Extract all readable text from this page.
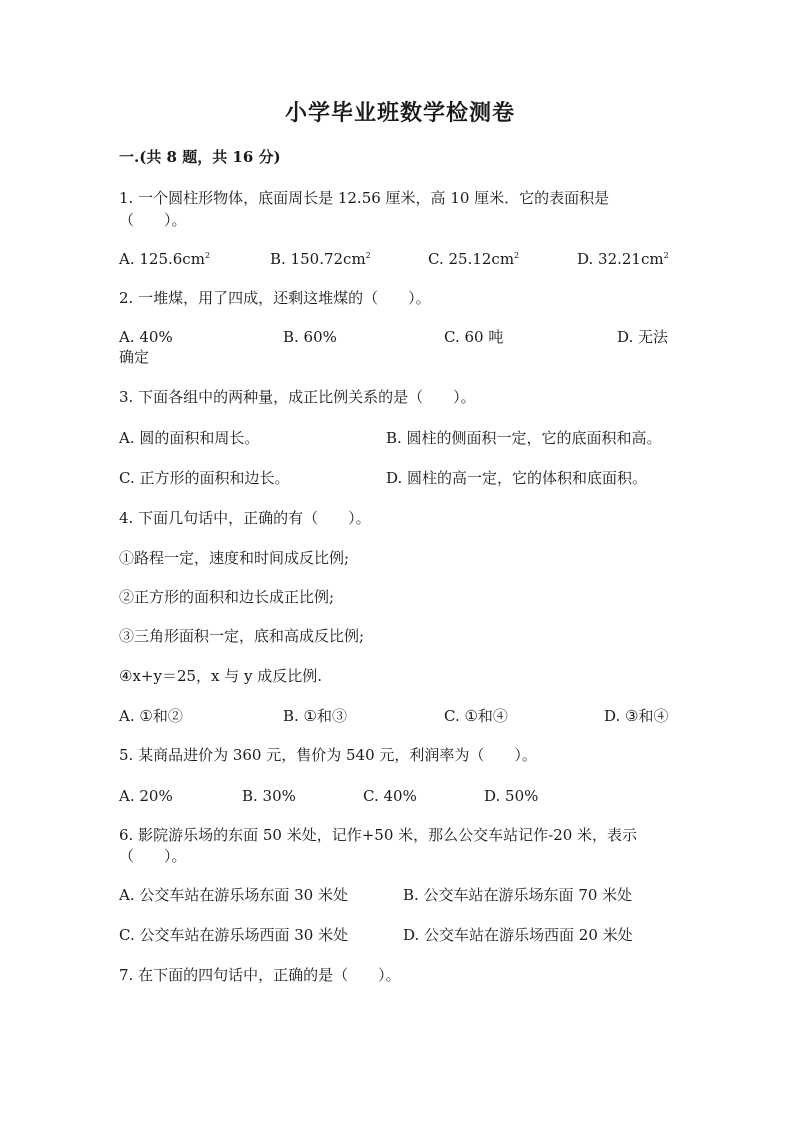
小学毕业班数学检测卷
一.(共 8 题，共 16 分)
1. 一个圆柱形物体，底面周长是 12.56 厘米，高 10 厘米．它的表面积是
（　　）。
A. $125.6cm^2$	B. $150.72cm^2$	C. $25.12cm^2$	D. $32.21cm^2$
2. 一堆煤，用了四成，还剩这堆煤的（　　）。
A. 40%	B. 60%	C. 60 吨	D. 无法
确定
3. 下面各组中的两种量，成正比例关系的是（　　）。
A. 圆的面积和周长。	B. 圆柱的侧面积一定，它的底面积和高。
C. 正方形的面积和边长。	D. 圆柱的高一定，它的体积和底面积。
4. 下面几句话中，正确的有（　　）。
①路程一定，速度和时间成反比例;
②正方形的面积和边长成正比例;
③三角形面积一定，底和高成反比例;
④x+y＝25，x 与 y 成反比例.
A. ①和②	B. ①和③	C. ①和④	D. ③和④
5. 某商品进价为 360 元，售价为 540 元，利润率为（　　）。
A. 20%	B. 30%	C. 40%	D. 50%
6. 影院游乐场的东面 50 米处，记作+50 米，那么公交车站记作-20 米，表示
（　　）。
A. 公交车站在游乐场东面 30 米处	B. 公交车站在游乐场东面 70 米处
C. 公交车站在游乐场西面 30 米处	D. 公交车站在游乐场西面 20 米处
7. 在下面的四句话中，正确的是（　　）。
